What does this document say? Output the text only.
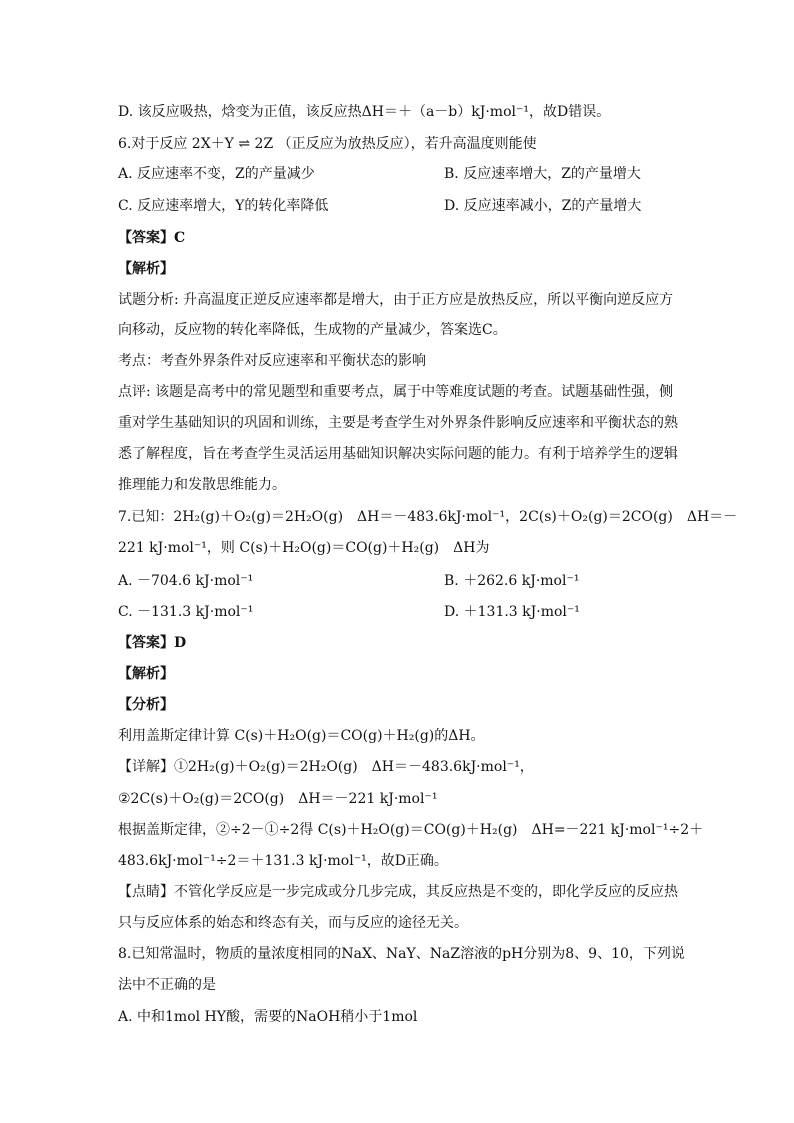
D. 该反应吸热，焓变为正值，该反应热ΔH＝＋（a－b）kJ·mol⁻¹，故D错误。
6.对于反应 2X＋Y ⇌ 2Z （正反应为放热反应），若升高温度则能使
A. 反应速率不变，Z的产量减少	B. 反应速率增大，Z的产量增大
C. 反应速率增大，Y的转化率降低	D. 反应速率减小，Z的产量增大
【答案】C
【解析】
试题分析: 升高温度正逆反应速率都是增大，由于正方应是放热反应，所以平衡向逆反应方
向移动，反应物的转化率降低，生成物的产量减少，答案选C。
考点：考查外界条件对反应速率和平衡状态的影响
点评: 该题是高考中的常见题型和重要考点，属于中等难度试题的考查。试题基础性强，侧
重对学生基础知识的巩固和训练，主要是考查学生对外界条件影响反应速率和平衡状态的熟
悉了解程度，旨在考查学生灵活运用基础知识解决实际问题的能力。有利于培养学生的逻辑
推理能力和发散思维能力。
7.已知：2H₂(g)＋O₂(g)＝2H₂O(g)　ΔH＝－483.6kJ·mol⁻¹，2C(s)＋O₂(g)＝2CO(g)　ΔH＝－
221 kJ·mol⁻¹，则 C(s)＋H₂O(g)＝CO(g)＋H₂(g)　ΔH为
A. －704.6 kJ·mol⁻¹	B. ＋262.6 kJ·mol⁻¹
C. －131.3 kJ·mol⁻¹	D. ＋131.3 kJ·mol⁻¹
【答案】D
【解析】
【分析】
利用盖斯定律计算 C(s)＋H₂O(g)＝CO(g)＋H₂(g)的ΔH。
【详解】①2H₂(g)＋O₂(g)＝2H₂O(g)　ΔH＝－483.6kJ·mol⁻¹，
②2C(s)＋O₂(g)＝2CO(g)　ΔH＝－221 kJ·mol⁻¹
根据盖斯定律，②÷2－①÷2得 C(s)＋H₂O(g)＝CO(g)＋H₂(g)　ΔH=－221 kJ·mol⁻¹÷2＋
483.6kJ·mol⁻¹÷2＝＋131.3 kJ·mol⁻¹，故D正确。
【点睛】不管化学反应是一步完成或分几步完成，其反应热是不变的，即化学反应的反应热
只与反应体系的始态和终态有关，而与反应的途径无关。
8.已知常温时，物质的量浓度相同的NaX、NaY、NaZ溶液的pH分别为8、9、10，下列说
法中不正确的是
A. 中和1mol HY酸，需要的NaOH稍小于1mol
